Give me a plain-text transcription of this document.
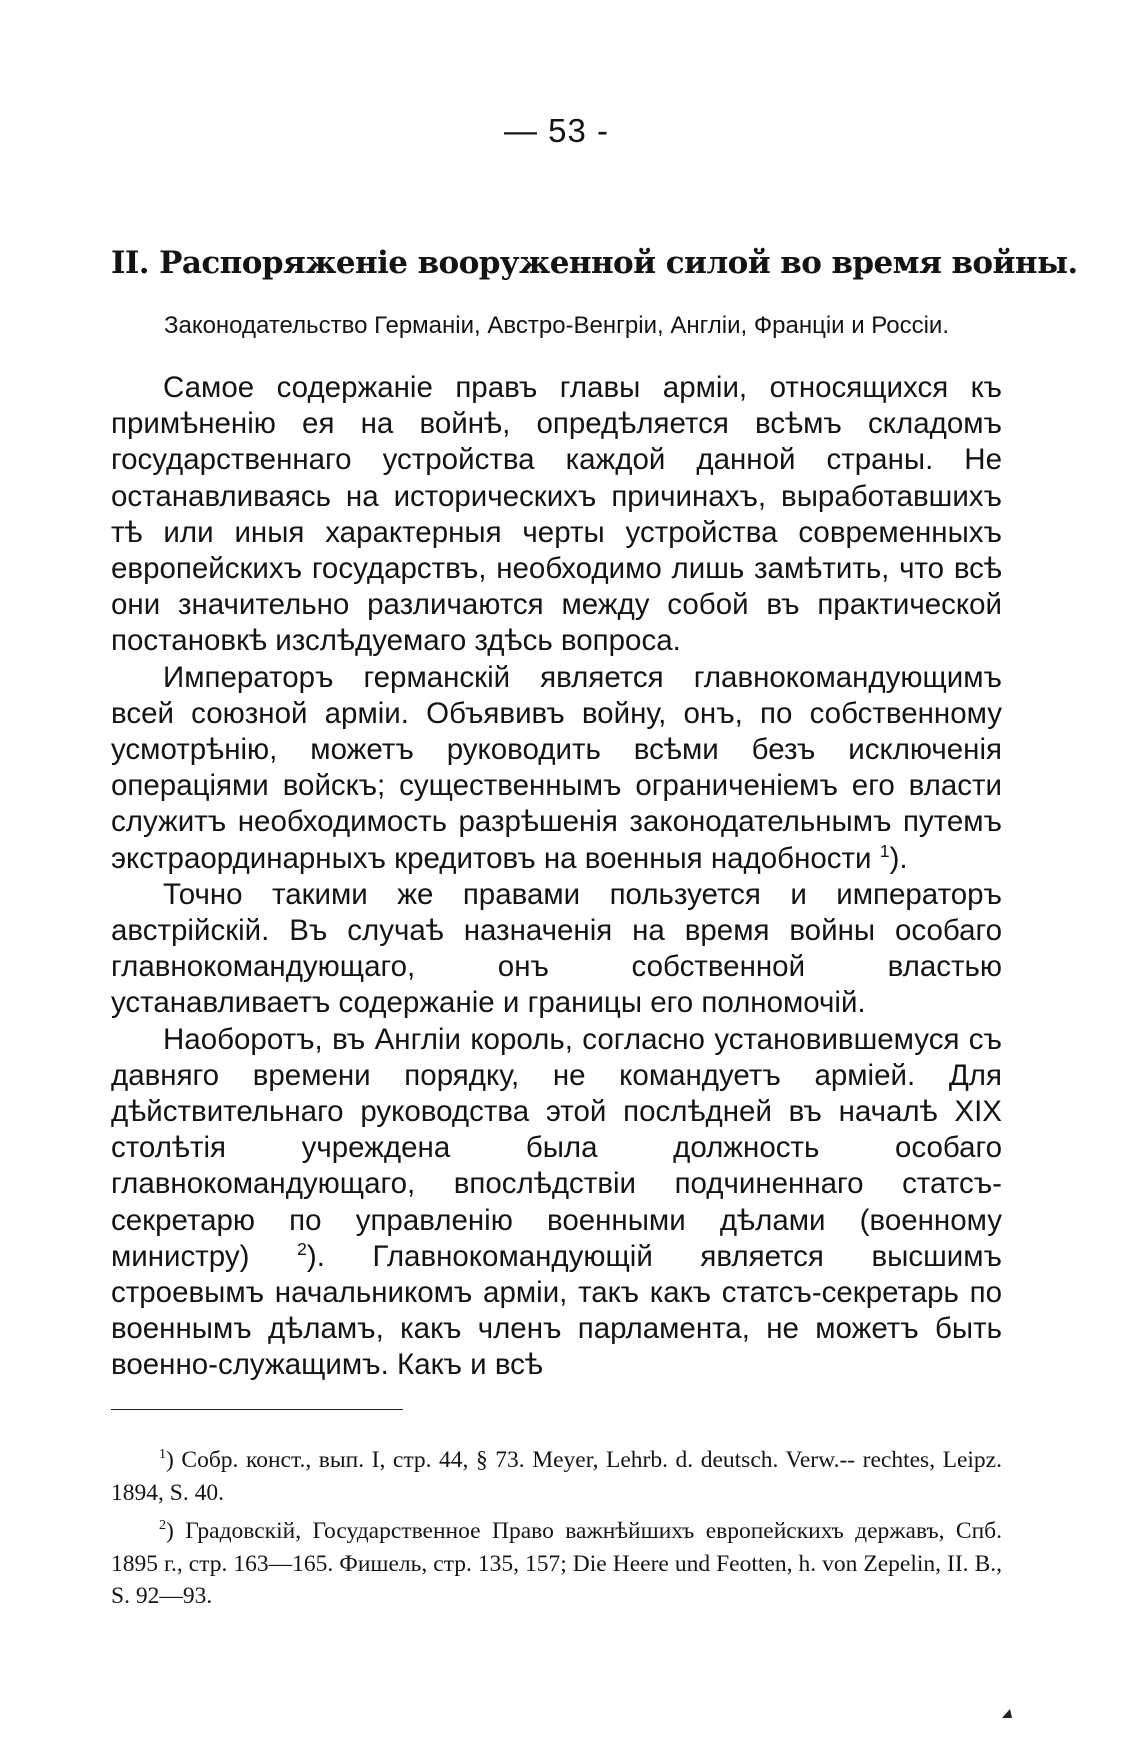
— 53 -
II. Распоряженіе вооруженной силой во время войны.
Законодательство Германіи, Австро-Венгріи, Англіи, Франціи и Россіи.

Самое содержаніе правъ главы арміи, относящихся къ примѣненію ея на войнѣ, опредѣляется всѣмъ складомъ государственнаго устройства каждой данной страны. Не останавливаясь на историческихъ причинахъ, выработавшихъ тѣ или иныя характерныя черты устройства современныхъ европейскихъ государствъ, необходимо лишь замѣтить, что всѣ они значительно различаются между собой въ практической постановкѣ изслѣдуемаго здѣсь вопроса.

Императоръ германскій является главнокомандующимъ всей союзной арміи. Объявивъ войну, онъ, по собственному усмотрѣнію, можетъ руководить всѣми безъ исключенія операціями войскъ; существеннымъ ограниченіемъ его власти служитъ необходимость разрѣшенія законодательнымъ путемъ экстраординарныхъ кредитовъ на военныя надобности $^1$).

Точно такими же правами пользуется и императоръ австрійскій. Въ случаѣ назначенія на время войны особаго главнокомандующаго, онъ собственной властью устанавливаетъ содержаніе и границы его полномочій.

Наоборотъ, въ Англіи король, согласно установившемуся съ давняго времени порядку, не командуетъ арміей. Для дѣйствительнаго руководства этой послѣдней въ началѣ XIX столѣтія учреждена была должность особаго главнокомандующаго, впослѣдствіи подчиненнаго статсъ-секретарю по управленію военными дѣлами (военному министру)	$^2$). Главнокомандующій является высшимъ строевымъ начальникомъ арміи, такъ какъ статсъ-секретарь по военнымъ дѣламъ, какъ членъ парламента, не можетъ быть военно-служащимъ. Какъ и всѣ

$^1$) Собр. конст., вып. I, стр. 44, § 73. Meyer, Lehrb. d. deutsch. Verw.-- rechtes, Leipz. 1894, S. 40.

$^2$) Градовскій, Государственное Право важнѣйшихъ европейскихъ державъ, Спб. 1895 г., стр. 163—165. Фишель, стр. 135, 157; Die Heere und Feotten, h. von Zepelin, II. B., S. 92—93.
